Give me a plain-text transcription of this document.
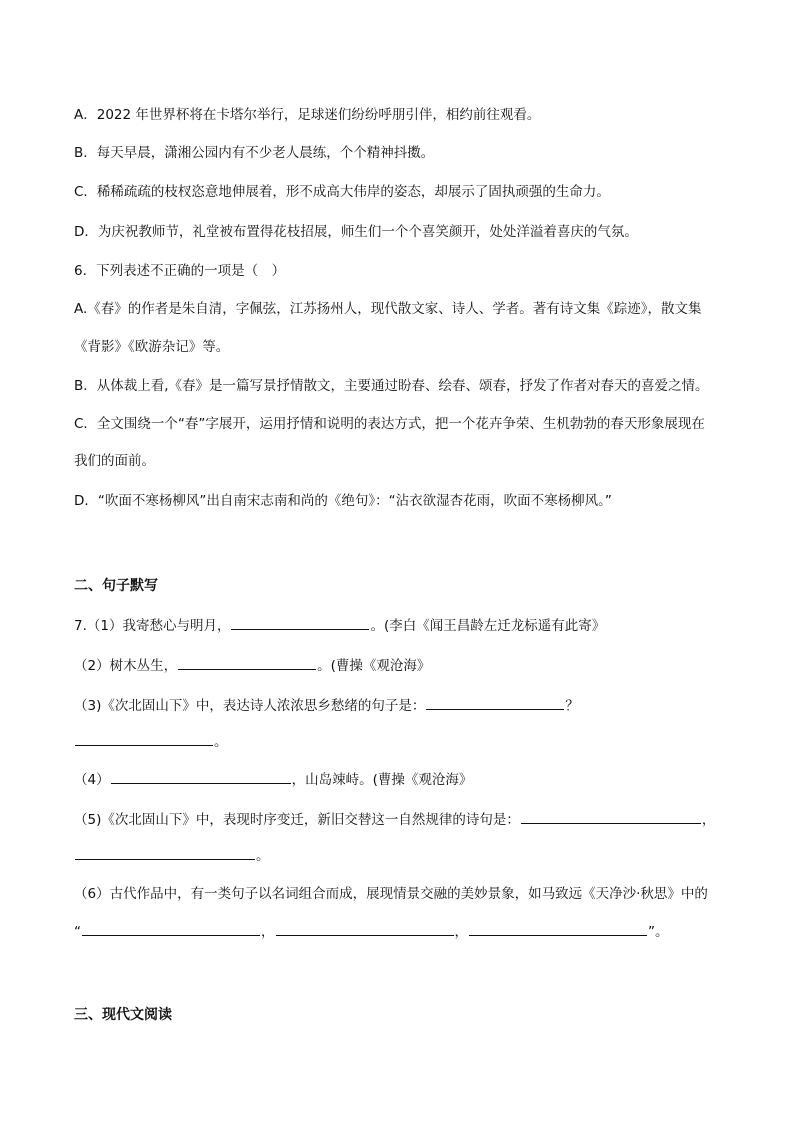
A．2022 年世界杯将在卡塔尔举行，足球迷们纷纷呼朋引伴，相约前往观看。
B．每天早晨，潇湘公园内有不少老人晨练，个个精神抖擞。
C．稀稀疏疏的枝杈恣意地伸展着，形不成高大伟岸的姿态，却展示了固执顽强的生命力。
D．为庆祝教师节，礼堂被布置得花枝招展，师生们一个个喜笑颜开，处处洋溢着喜庆的气氛。
6．下列表述不正确的一项是（　）
A.《春》的作者是朱自清，字佩弦，江苏扬州人，现代散文家、诗人、学者。著有诗文集《踪迹》，散文集
《背影》《欧游杂记》等。
B．从体裁上看,《春》是一篇写景抒情散文，主要通过盼春、绘春、颂春，抒发了作者对春天的喜爱之情。
C．全文围绕一个“春”字展开，运用抒情和说明的表达方式，把一个花卉争荣、生机勃勃的春天形象展现在
我们的面前。
D．“吹面不寒杨柳风”出自南宋志南和尚的《绝句》：“沾衣欲湿杏花雨，吹面不寒杨柳风。”
二、句子默写
7.（1）我寄愁心与明月，	。(李白《闻王昌龄左迁龙标遥有此寄》
（2）树木丛生，	。(曹操《观沧海》
（3)《次北固山下》中，表达诗人浓浓思乡愁绪的句子是：	？
。
（4）	，山岛竦峙。(曹操《观沧海》
（5)《次北固山下》中，表现时序变迁，新旧交替这一自然规律的诗句是：	，
。
（6）古代作品中，有一类句子以名词组合而成，展现情景交融的美妙景象，如马致远《天净沙·秋思》中的
“	，	，	”。
三、现代文阅读
